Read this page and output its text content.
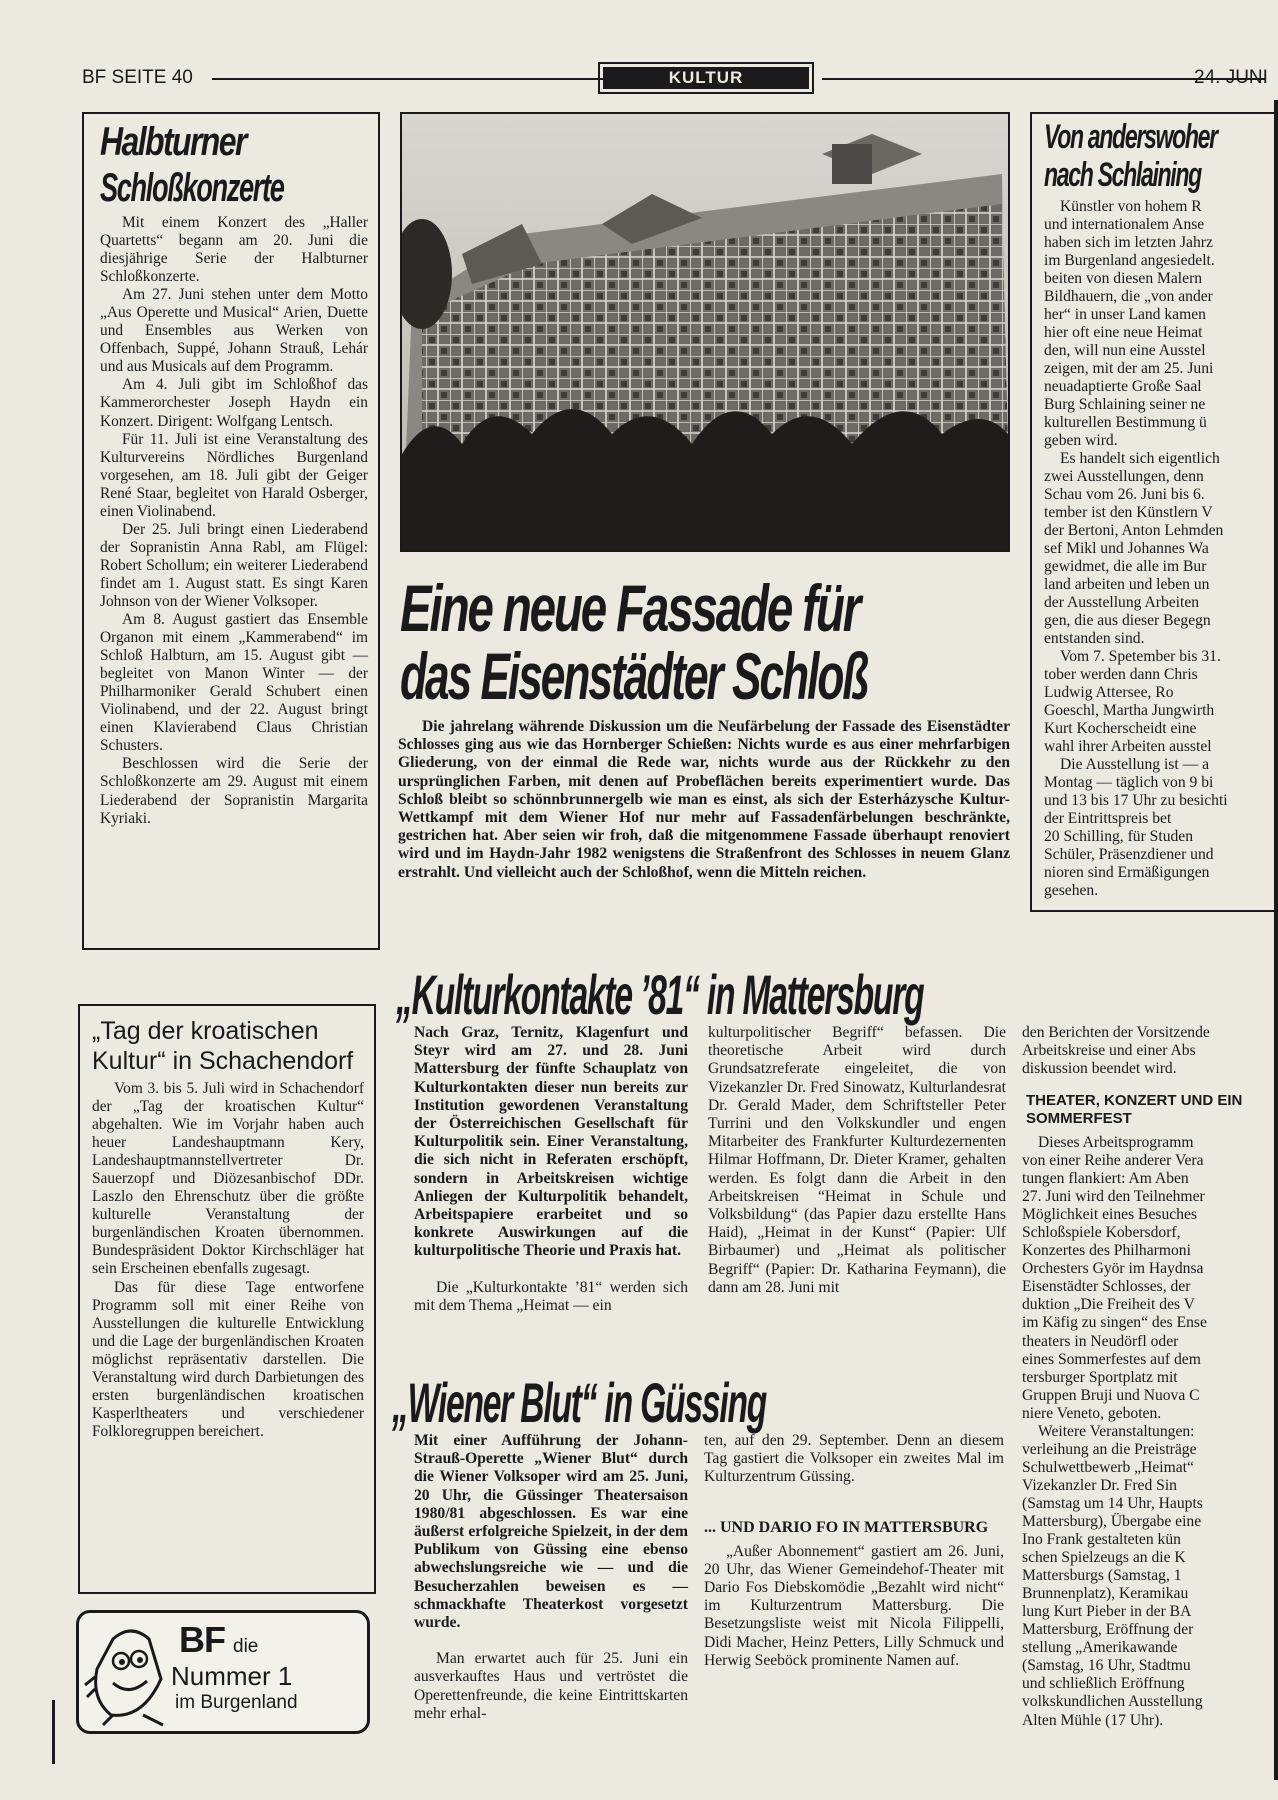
BF SEITE 40	KULTUR	24. JUNI
Halbturner
Schloßkonzerte

Mit einem Konzert des „Haller Quartetts“ begann am 20. Juni die diesjährige Serie der Halbturner Schloßkonzerte.

Am 27. Juni stehen unter dem Motto „Aus Operette und Musical“ Arien, Duette und Ensembles aus Werken von Offenbach, Suppé, Johann Strauß, Lehár und aus Musicals auf dem Programm.

Am 4. Juli gibt im Schloßhof das Kammerorchester Joseph Haydn ein Konzert. Dirigent: Wolfgang Lentsch.

Für 11. Juli ist eine Veranstaltung des Kulturvereins Nördliches Burgenland vorgesehen, am 18. Juli gibt der Geiger René Staar, begleitet von Harald Osberger, einen Violinabend.

Der 25. Juli bringt einen Liederabend der Sopranistin Anna Rabl, am Flügel: Robert Schollum; ein weiterer Liederabend findet am 1. August statt. Es singt Karen Johnson von der Wiener Volksoper.

Am 8. August gastiert das Ensemble Organon mit einem „Kammerabend“ im Schloß Halbturn, am 15. August gibt — begleitet von Manon Winter — der Philharmoniker Gerald Schubert einen Violinabend, und der 22. August bringt einen Klavierabend Claus Christian Schusters.

Beschlossen wird die Serie der Schloßkonzerte am 29. August mit einem Liederabend der Sopranistin Margarita Kyriaki.

„Tag der kroatischen Kultur“ in Schachendorf

Vom 3. bis 5. Juli wird in Schachendorf der „Tag der kroatischen Kultur“ abgehalten. Wie im Vorjahr haben auch heuer Landeshauptmann Kery, Landeshauptmannstellvertreter Dr. Sauerzopf und Diözesanbischof DDr. Laszlo den Ehrenschutz über die größte kulturelle Veranstaltung der burgenländischen Kroaten übernommen. Bundespräsident Doktor Kirchschläger hat sein Erscheinen ebenfalls zugesagt.

Das für diese Tage entworfene Programm soll mit einer Reihe von Ausstellungen die kulturelle Entwicklung und die Lage der burgenländischen Kroaten möglichst repräsentativ darstellen. Die Veranstaltung wird durch Darbietungen des ersten burgenländischen kroatischen Kasperltheaters und verschiedener Folkloregruppen bereichert.

BF die
Nummer 1
im Burgenland
Eine neue Fassade für
das Eisenstädter Schloß
Die jahrelang währende Diskussion um die Neufärbelung der Fassade des Eisenstädter Schlosses ging aus wie das Hornberger Schießen: Nichts wurde es aus einer mehrfarbigen Gliederung, von der einmal die Rede war, nichts wurde aus der Rückkehr zu den ursprünglichen Farben, mit denen auf Probeflächen bereits experimentiert wurde. Das Schloß bleibt so schönnbrunnergelb wie man es einst, als sich der Esterházysche Kultur-Wettkampf mit dem Wiener Hof nur mehr auf Fassadenfärbelungen beschränkte, gestrichen hat. Aber seien wir froh, daß die mitgenommene Fassade überhaupt renoviert wird und im Haydn-Jahr 1982 wenigstens die Straßenfront des Schlosses in neuem Glanz erstrahlt. Und vielleicht auch der Schloßhof, wenn die Mitteln reichen.
Von anderswoher
nach Schlaining
Künstler von hohem R
und internationalem Anse
haben sich im letzten Jahrz
im Burgenland angesiedelt.
beiten von diesen Malern
Bildhauern, die „von ander
her“ in unser Land kamen
hier oft eine neue Heimat
den, will nun eine Ausstel
zeigen, mit der am 25. Juni
neuadaptierte Große Saal
Burg Schlaining seiner ne
kulturellen Bestimmung ü
geben wird.
Es handelt sich eigentlich
zwei Ausstellungen, denn
Schau vom 26. Juni bis 6.
tember ist den Künstlern V
der Bertoni, Anton Lehmden
sef Mikl und Johannes Wa
gewidmet, die alle im Bur
land arbeiten und leben un
der Ausstellung Arbeiten
gen, die aus dieser Begegn
entstanden sind.
Vom 7. Spetember bis 31.
tober werden dann Chris
Ludwig Attersee, Ro
Goeschl, Martha Jungwirth
Kurt Kocherscheidt eine
wahl ihrer Arbeiten ausstel
Die Ausstellung ist — a
Montag — täglich von 9 bi
und 13 bis 17 Uhr zu besichti
der Eintrittspreis bet
20 Schilling, für Studen
Schüler, Präsenzdiener und
nioren sind Ermäßigungen
gesehen.
„Kulturkontakte ’81“ in Mattersburg
Nach Graz, Ternitz, Klagenfurt und Steyr wird am 27. und 28. Juni Mattersburg der fünfte Schauplatz von Kulturkontakten dieser nun bereits zur Institution gewordenen Veranstaltung der Österreichischen Gesellschaft für Kulturpolitik sein. Einer Veranstaltung, die sich nicht in Referaten erschöpft, sondern in Arbeitskreisen wichtige Anliegen der Kulturpolitik behandelt, Arbeitspapiere erarbeitet und so konkrete Auswirkungen auf die kulturpolitische Theorie und Praxis hat.
Die „Kulturkontakte ’81“ werden sich mit dem Thema „Heimat — ein
kulturpolitischer Begriff“ befassen. Die theoretische Arbeit wird durch Grundsatzreferate eingeleitet, die von Vizekanzler Dr. Fred Sinowatz, Kulturlandesrat Dr. Gerald Mader, dem Schriftsteller Peter Turrini und den Volkskundler und engen Mitarbeiter des Frankfurter Kulturdezernenten Hilmar Hoffmann, Dr. Dieter Kramer, gehalten werden. Es folgt dann die Arbeit in den Arbeitskreisen “Heimat in Schule und Volksbildung“ (das Papier dazu erstellte Hans Haid), „Heimat in der Kunst“ (Papier: Ulf Birbaumer) und „Heimat als politischer Begriff“ (Papier: Dr. Katharina Feymann), die dann am 28. Juni mit
den Berichten der Vorsitzende
Arbeitskreise und einer Abs
diskussion beendet wird.
THEATER, KONZERT UND EIN SOMMERFEST
Dieses Arbeitsprogramm
von einer Reihe anderer Vera
tungen flankiert: Am Aben
27. Juni wird den Teilnehmer
Möglichkeit eines Besuches
Schloßspiele Kobersdorf,
Konzertes des Philharmoni
Orchesters Györ im Haydnsa
Eisenstädter Schlosses, der
duktion „Die Freiheit des V
im Käfig zu singen“ des Ense
theaters in Neudörfl oder
eines Sommerfestes auf dem
tersburger Sportplatz mit
Gruppen Bruji und Nuova C
niere Veneto, geboten.
Weitere Veranstaltungen:
verleihung an die Preisträge
Schulwettbewerb „Heimat“
Vizekanzler Dr. Fred Sin
(Samstag um 14 Uhr, Haupts
Mattersburg), Übergabe eine
Ino Frank gestalteten kün
schen Spielzeugs an die K
Mattersburgs (Samstag, 1
Brunnenplatz), Keramikau
lung Kurt Pieber in der BA
Mattersburg, Eröffnung der
stellung „Amerikawande
(Samstag, 16 Uhr, Stadtmu
und schließlich Eröffnung
volkskundlichen Ausstellung
Alten Mühle (17 Uhr).
„Wiener Blut“ in Güssing
Mit einer Aufführung der Johann-Strauß-Operette „Wiener Blut“ durch die Wiener Volksoper wird am 25. Juni, 20 Uhr, die Güssinger Theatersaison 1980/81 abgeschlossen. Es war eine äußerst erfolgreiche Spielzeit, in der dem Publikum von Güssing eine ebenso abwechslungsreiche wie — und die Besucherzahlen beweisen es — schmackhafte Theaterkost vorgesetzt wurde.
Man erwartet auch für 25. Juni ein ausverkauftes Haus und vertröstet die Operettenfreunde, die keine Eintrittskarten mehr erhal-
ten, auf den 29. September. Denn an diesem Tag gastiert die Volksoper ein zweites Mal im Kulturzentrum Güssing.
... UND DARIO FO IN MATTERSBURG
„Außer Abonnement“ gastiert am 26. Juni, 20 Uhr, das Wiener Gemeindehof-Theater mit Dario Fos Diebskomödie „Bezahlt wird nicht“ im Kulturzentrum Mattersburg. Die Besetzungsliste weist mit Nicola Filippelli, Didi Macher, Heinz Petters, Lilly Schmuck und Herwig Seeböck prominente Namen auf.
